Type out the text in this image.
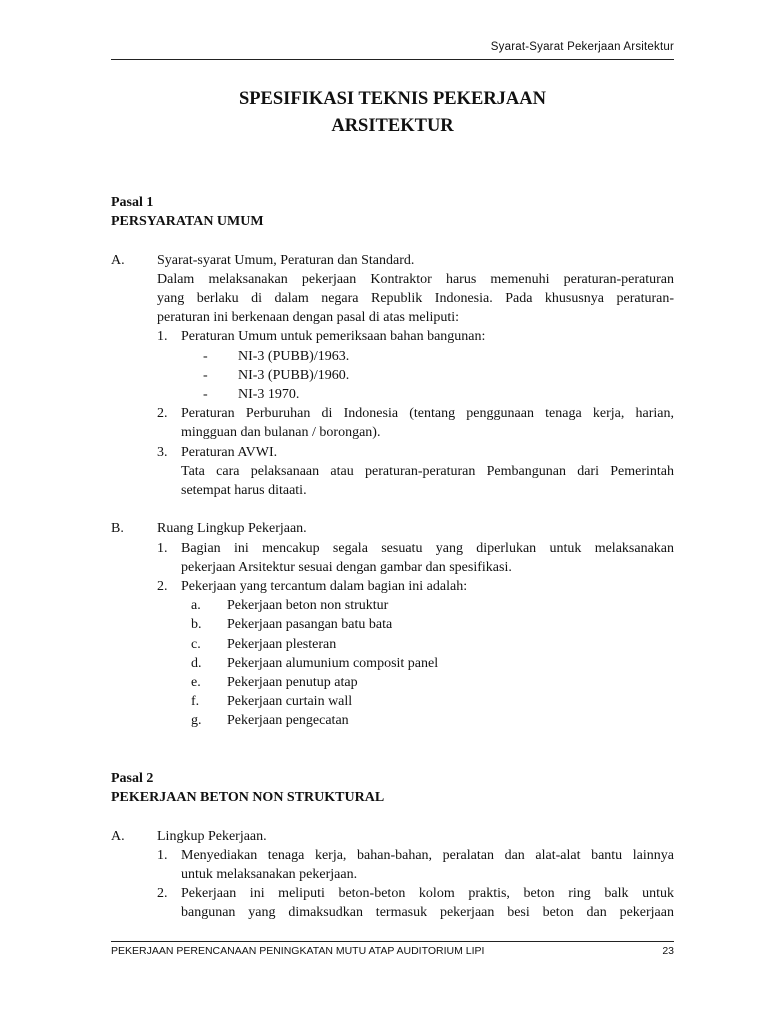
Syarat-Syarat Pekerjaan Arsitektur
SPESIFIKASI TEKNIS PEKERJAAN
ARSITEKTUR
Pasal 1
PERSYARATAN UMUM
A. Syarat-syarat Umum, Peraturan dan Standard.
Dalam melaksanakan pekerjaan Kontraktor harus memenuhi peraturan-peraturan
yang berlaku di dalam negara Republik Indonesia. Pada khususnya peraturan-
peraturan ini berkenaan dengan pasal di atas meliputi:
1. Peraturan Umum untuk pemeriksaan bahan bangunan:
- NI-3 (PUBB)/1963.
- NI-3 (PUBB)/1960.
- NI-3 1970.
2. Peraturan Perburuhan di Indonesia (tentang penggunaan tenaga kerja, harian,
mingguan dan bulanan / borongan).
3. Peraturan AVWI.
Tata cara pelaksanaan atau peraturan-peraturan Pembangunan dari Pemerintah
setempat harus ditaati.
B. Ruang Lingkup Pekerjaan.
1. Bagian ini mencakup segala sesuatu yang diperlukan untuk melaksanakan
pekerjaan Arsitektur sesuai dengan gambar dan spesifikasi.
2. Pekerjaan yang tercantum dalam bagian ini adalah:
a. Pekerjaan beton non struktur
b. Pekerjaan pasangan batu bata
c. Pekerjaan plesteran
d. Pekerjaan alumunium composit panel
e. Pekerjaan penutup atap
f. Pekerjaan curtain wall
g. Pekerjaan pengecatan
Pasal 2
PEKERJAAN BETON NON STRUKTURAL
A. Lingkup Pekerjaan.
1. Menyediakan tenaga kerja, bahan-bahan, peralatan dan alat-alat bantu lainnya
untuk melaksanakan pekerjaan.
2. Pekerjaan ini meliputi beton-beton kolom praktis, beton ring balk untuk
bangunan yang dimaksudkan termasuk pekerjaan besi beton dan pekerjaan
PEKERJAAN PERENCANAAN PENINGKATAN MUTU ATAP AUDITORIUM LIPI	23
